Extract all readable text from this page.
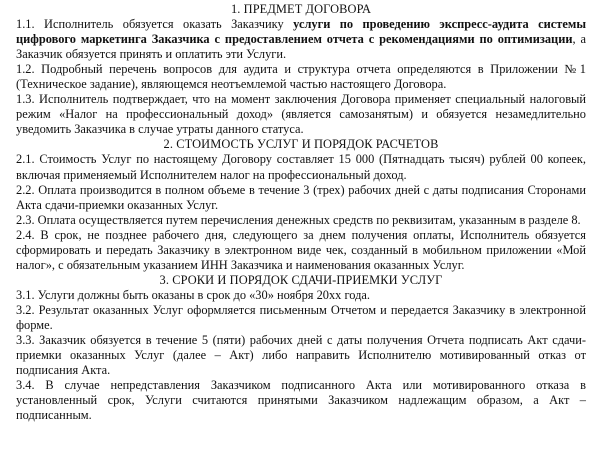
1. ПРЕДМЕТ ДОГОВОРА

1.1. Исполнитель обязуется оказать Заказчику услуги по проведению экспресс-аудита системы цифрового маркетинга Заказчика с предоставлением отчета с рекомендациями по оптимизации, а Заказчик обязуется принять и оплатить эти Услуги.

1.2. Подробный перечень вопросов для аудита и структура отчета определяются в Приложении №1 (Техническое задание), являющемся неотъемлемой частью настоящего Договора.

1.3. Исполнитель подтверждает, что на момент заключения Договора применяет специальный налоговый режим «Налог на профессиональный доход» (является самозанятым) и обязуется незамедлительно уведомить Заказчика в случае утраты данного статуса.

2. СТОИМОСТЬ УСЛУГ И ПОРЯДОК РАСЧЕТОВ

2.1. Стоимость Услуг по настоящему Договору составляет 15 000 (Пятнадцать тысяч) рублей 00 копеек, включая применяемый Исполнителем налог на профессиональный доход.

2.2. Оплата производится в полном объеме в течение 3 (трех) рабочих дней с даты подписания Сторонами Акта сдачи-приемки оказанных Услуг.

2.3. Оплата осуществляется путем перечисления денежных средств по реквизитам, указанным в разделе 8.

2.4. В срок, не позднее рабочего дня, следующего за днем получения оплаты, Исполнитель обязуется сформировать и передать Заказчику в электронном виде чек, созданный в мобильном приложении «Мой налог», с обязательным указанием ИНН Заказчика и наименования оказанных Услуг.

3. СРОКИ И ПОРЯДОК СДАЧИ-ПРИЕМКИ УСЛУГ

3.1. Услуги должны быть оказаны в срок до «30» ноября 20хх года.

3.2. Результат оказанных Услуг оформляется письменным Отчетом и передается Заказчику в электронной форме.

3.3. Заказчик обязуется в течение 5 (пяти) рабочих дней с даты получения Отчета подписать Акт сдачи-приемки оказанных Услуг (далее – Акт) либо направить Исполнителю мотивированный отказ от подписания Акта.

3.4. В случае непредставления Заказчиком подписанного Акта или мотивированного отказа в установленный срок, Услуги считаются принятыми Заказчиком надлежащим образом, а Акт – подписанным.
